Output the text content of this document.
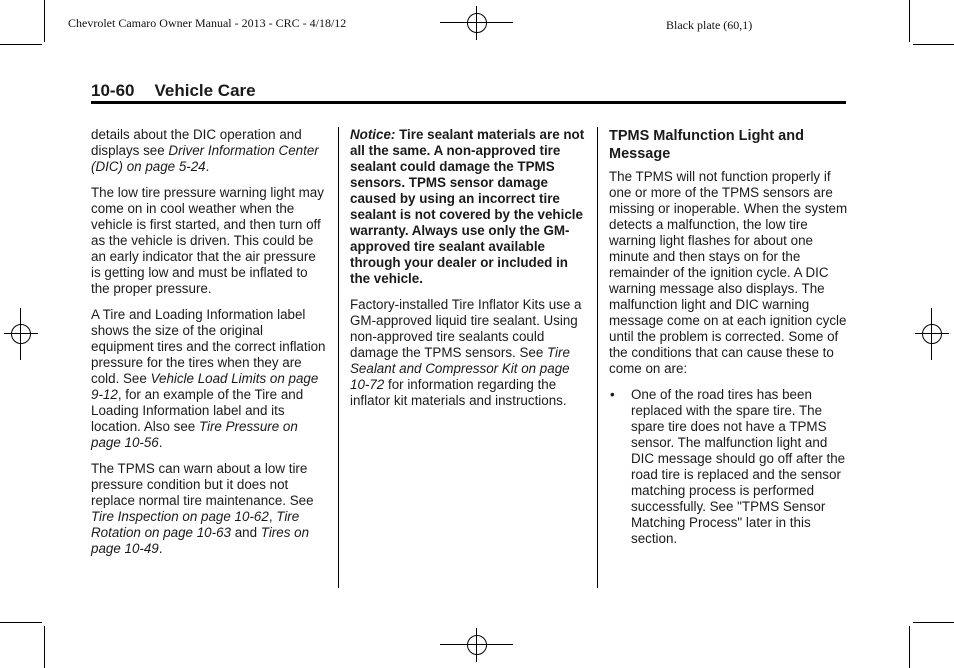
Chevrolet Camaro Owner Manual - 2013 - CRC - 4/18/12	Black plate (60,1)
10-60 Vehicle Care

details about the DIC operation and displays see Driver Information Center (DIC) on page 5-24.

The low tire pressure warning light may come on in cool weather when the vehicle is first started, and then turn off as the vehicle is driven. This could be an early indicator that the air pressure is getting low and must be inflated to the proper pressure.

A Tire and Loading Information label shows the size of the original equipment tires and the correct inflation pressure for the tires when they are cold. See Vehicle Load Limits on page 9-12, for an example of the Tire and Loading Information label and its location. Also see Tire Pressure on page 10-56.

The TPMS can warn about a low tire pressure condition but it does not replace normal tire maintenance. See Tire Inspection on page 10-62, Tire Rotation on page 10-63 and Tires on page 10-49.

Notice: Tire sealant materials are not all the same. A non-approved tire sealant could damage the TPMS sensors. TPMS sensor damage caused by using an incorrect tire sealant is not covered by the vehicle warranty. Always use only the GM-approved tire sealant available through your dealer or included in the vehicle.

Factory-installed Tire Inflator Kits use a GM-approved liquid tire sealant. Using non-approved tire sealants could damage the TPMS sensors. See Tire Sealant and Compressor Kit on page 10-72 for information regarding the inflator kit materials and instructions.

TPMS Malfunction Light and Message

The TPMS will not function properly if one or more of the TPMS sensors are missing or inoperable. When the system detects a malfunction, the low tire warning light flashes for about one minute and then stays on for the remainder of the ignition cycle. A DIC warning message also displays. The malfunction light and DIC warning message come on at each ignition cycle until the problem is corrected. Some of the conditions that can cause these to come on are:

• One of the road tires has been replaced with the spare tire. The spare tire does not have a TPMS sensor. The malfunction light and DIC message should go off after the road tire is replaced and the sensor matching process is performed successfully. See "TPMS Sensor Matching Process" later in this section.
